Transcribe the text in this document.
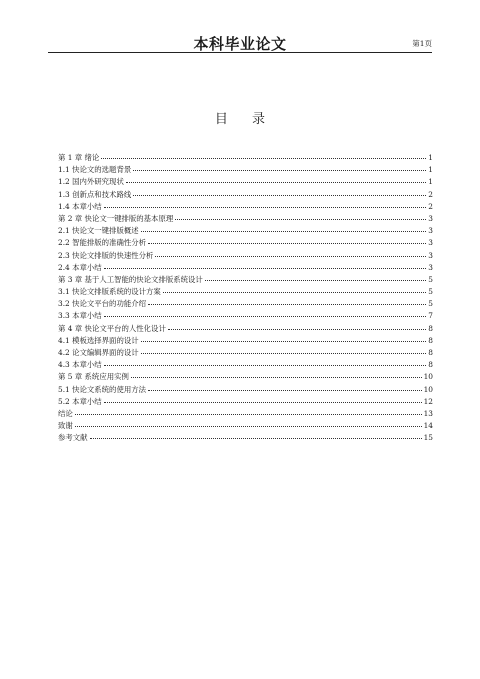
本科毕业论文	第1页
目 录
第 1 章 绪论	1
1.1 快论文的选题背景	1
1.2 国内外研究现状	1
1.3 创新点和技术路线	2
1.4 本章小结	2
第 2 章 快论文一键排版的基本原理	3
2.1 快论文一键排版概述	3
2.2 智能排版的准确性分析	3
2.3 快论文排版的快速性分析	3
2.4 本章小结	3
第 3 章 基于人工智能的快论文排版系统设计	5
3.1 快论文排版系统的设计方案	5
3.2 快论文平台的功能介绍	5
3.3 本章小结	7
第 4 章 快论文平台的人性化设计	8
4.1 模板选择界面的设计	8
4.2 论文编辑界面的设计	8
4.3 本章小结	8
第 5 章 系统应用实例	10
5.1 快论文系统的使用方法	10
5.2 本章小结	12
结论	13
致谢	14
参考文献	15
